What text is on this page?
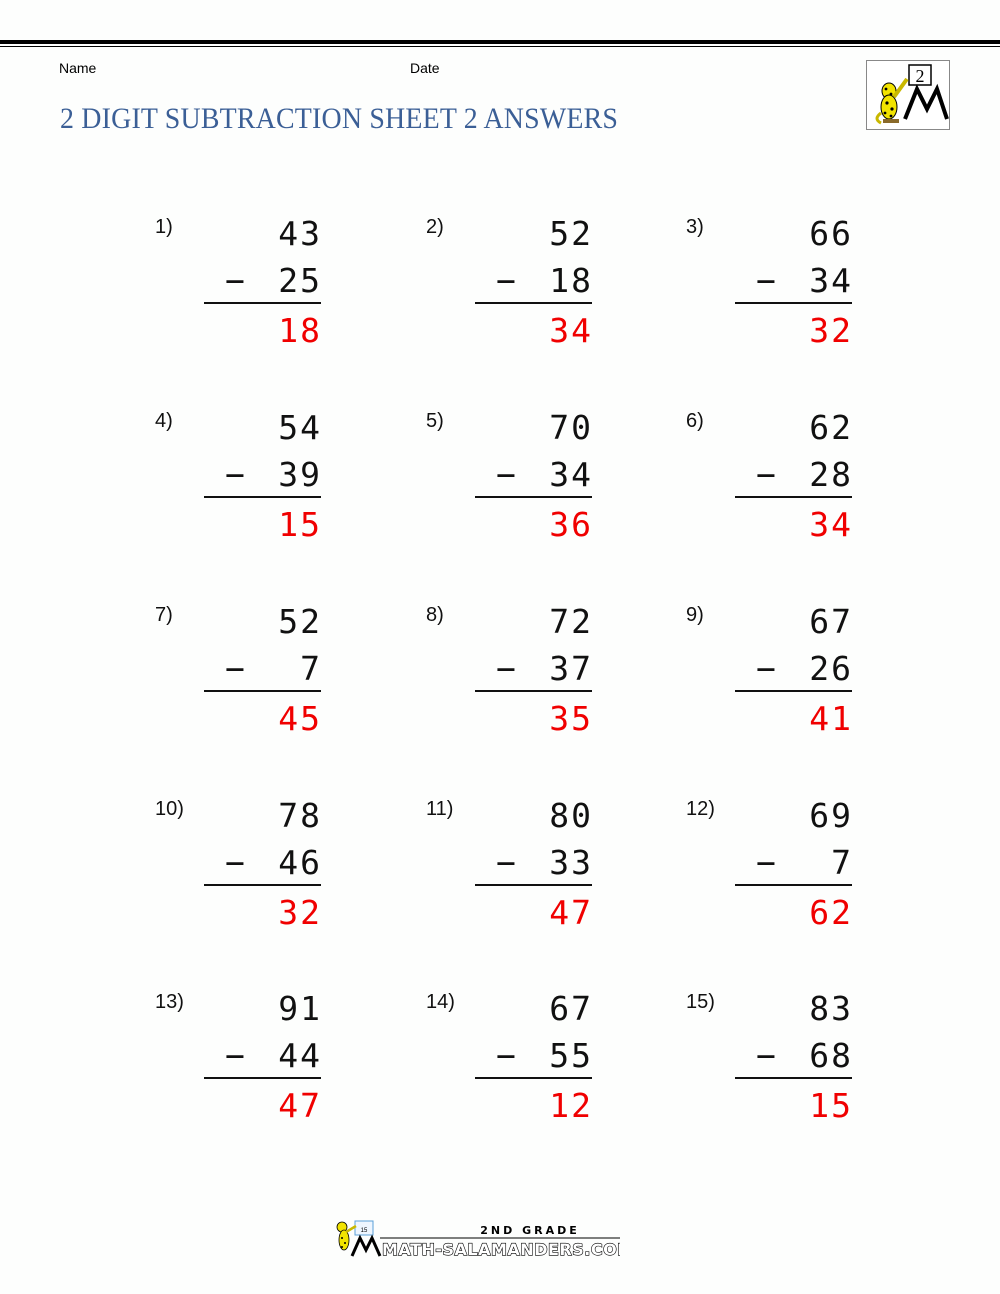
Name	Date
2 DIGIT SUBTRACTION SHEET 2 ANSWERS
2
1)	43
− 25
18
2)	52
− 18
34
3)	66
− 34
32
4)	54
− 39
15
5)	70
− 34
36
6)	62
− 28
34
7)	52
− 7
45
8)	72
− 37
35
9)	67
− 26
41
10)	78
− 46
32
11)	80
− 33
47
12)	69
− 7
62
13)	91
− 44
47
14)	67
− 55
12
15)	83
− 68
15
15	2ND GRADE
MATH-SALAMANDERS.COM
